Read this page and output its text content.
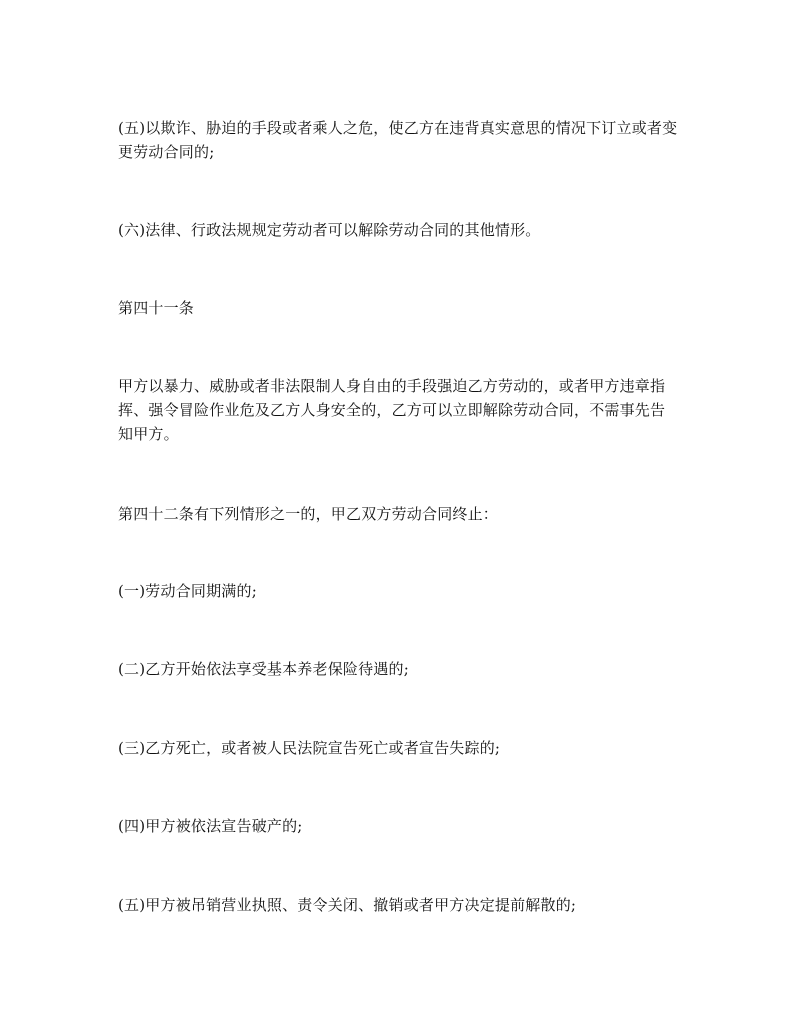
(五)以欺诈、胁迫的手段或者乘人之危，使乙方在违背真实意思的情况下订立或者变更劳动合同的;

(六)法律、行政法规规定劳动者可以解除劳动合同的其他情形。

第四十一条

甲方以暴力、威胁或者非法限制人身自由的手段强迫乙方劳动的，或者甲方违章指挥、强令冒险作业危及乙方人身安全的，乙方可以立即解除劳动合同，不需事先告知甲方。

第四十二条有下列情形之一的，甲乙双方劳动合同终止：

(一)劳动合同期满的;

(二)乙方开始依法享受基本养老保险待遇的;

(三)乙方死亡，或者被人民法院宣告死亡或者宣告失踪的;

(四)甲方被依法宣告破产的;

(五)甲方被吊销营业执照、责令关闭、撤销或者甲方决定提前解散的;
